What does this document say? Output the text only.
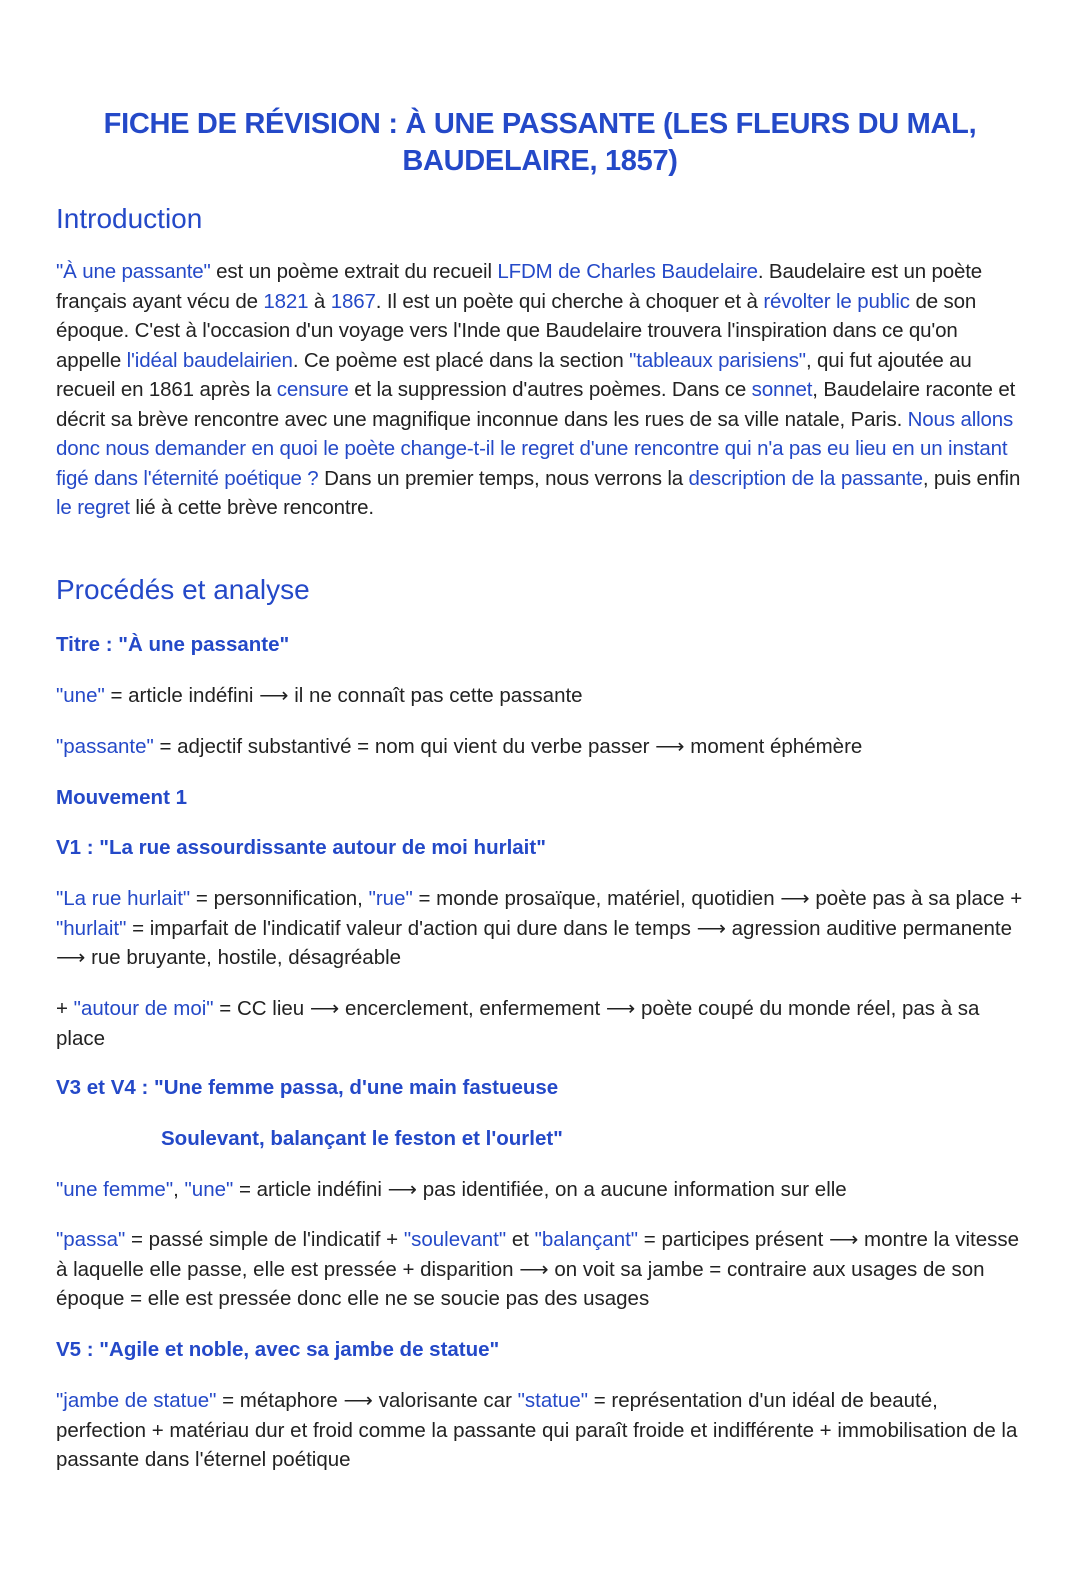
FICHE DE RÉVISION : À UNE PASSANTE (LES FLEURS DU MAL,
BAUDELAIRE, 1857)
Introduction

"À une passante" est un poème extrait du recueil LFDM de Charles Baudelaire. Baudelaire est un poète français ayant vécu de 1821 à 1867. Il est un poète qui cherche à choquer et à révolter le public de son époque. C'est à l'occasion d'un voyage vers l'Inde que Baudelaire trouvera l'inspiration dans ce qu'on appelle l'idéal baudelairien. Ce poème est placé dans la section "tableaux parisiens", qui fut ajoutée au recueil en 1861 après la censure et la suppression d'autres poèmes. Dans ce sonnet, Baudelaire raconte et décrit sa brève rencontre avec une magnifique inconnue dans les rues de sa ville natale, Paris. Nous allons donc nous demander en quoi le poète change-t-il le regret d'une rencontre qui n'a pas eu lieu en un instant figé dans l'éternité poétique ? Dans un premier temps, nous verrons la description de la passante, puis enfin le regret lié à cette brève rencontre.

Procédés et analyse

Titre : "À une passante"

"une" = article indéfini ⟶ il ne connaît pas cette passante

"passante" = adjectif substantivé = nom qui vient du verbe passer ⟶ moment éphémère

Mouvement 1

V1 : "La rue assourdissante autour de moi hurlait"

"La rue hurlait" = personnification, "rue" = monde prosaïque, matériel, quotidien ⟶ poète pas à sa place + "hurlait" = imparfait de l'indicatif valeur d'action qui dure dans le temps ⟶ agression auditive permanente ⟶ rue bruyante, hostile, désagréable

+ "autour de moi" = CC lieu ⟶ encerclement, enfermement ⟶ poète coupé du monde réel, pas à sa place

V3 et V4 : "Une femme passa, d'une main fastueuse

Soulevant, balançant le feston et l'ourlet"

"une femme", "une" = article indéfini ⟶ pas identifiée, on a aucune information sur elle

"passa" = passé simple de l'indicatif + "soulevant" et "balançant" = participes présent ⟶ montre la vitesse à laquelle elle passe, elle est pressée + disparition ⟶ on voit sa jambe = contraire aux usages de son époque = elle est pressée donc elle ne se soucie pas des usages

V5 : "Agile et noble, avec sa jambe de statue"

"jambe de statue" = métaphore ⟶ valorisante car "statue" = représentation d'un idéal de beauté, perfection + matériau dur et froid comme la passante qui paraît froide et indifférente + immobilisation de la passante dans l'éternel poétique
